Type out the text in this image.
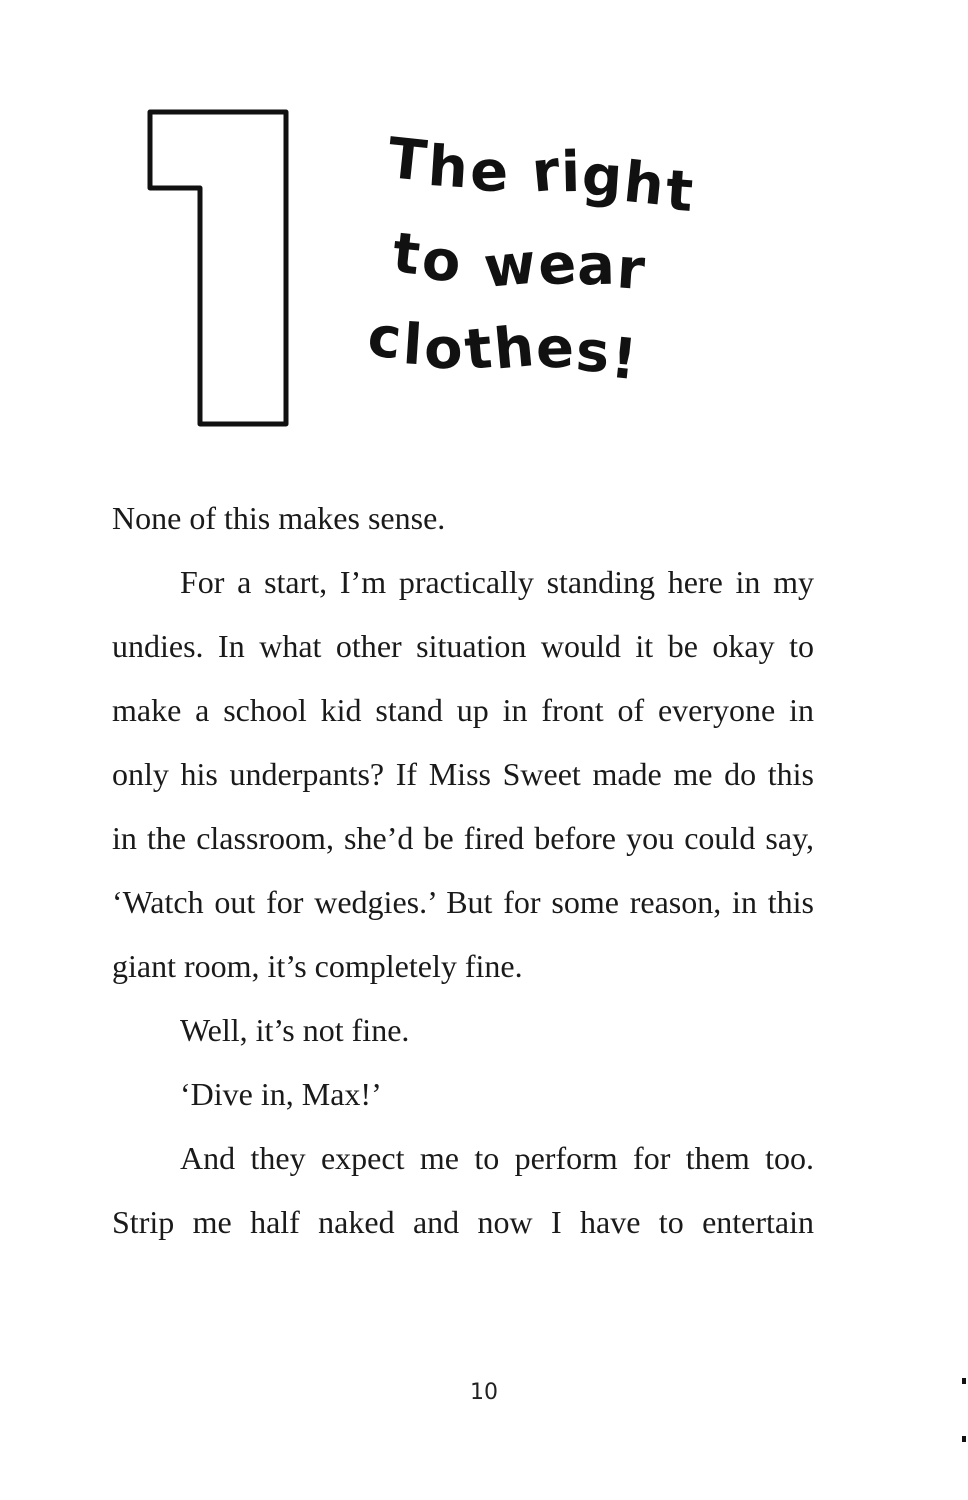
The right
to wear
clothes!

None of this makes sense.

For a start, I’m practically standing here in my undies. In what other situation would it be okay to make a school kid stand up in front of everyone in only his underpants? If Miss Sweet made me do this in the classroom, she’d be fired before you could say, ‘Watch out for wedgies.’ But for some reason, in this giant room, it’s completely fine.

Well, it’s not fine.

‘Dive in, Max!’

And they expect me to perform for them too. Strip me half naked and now I have to entertain

10
